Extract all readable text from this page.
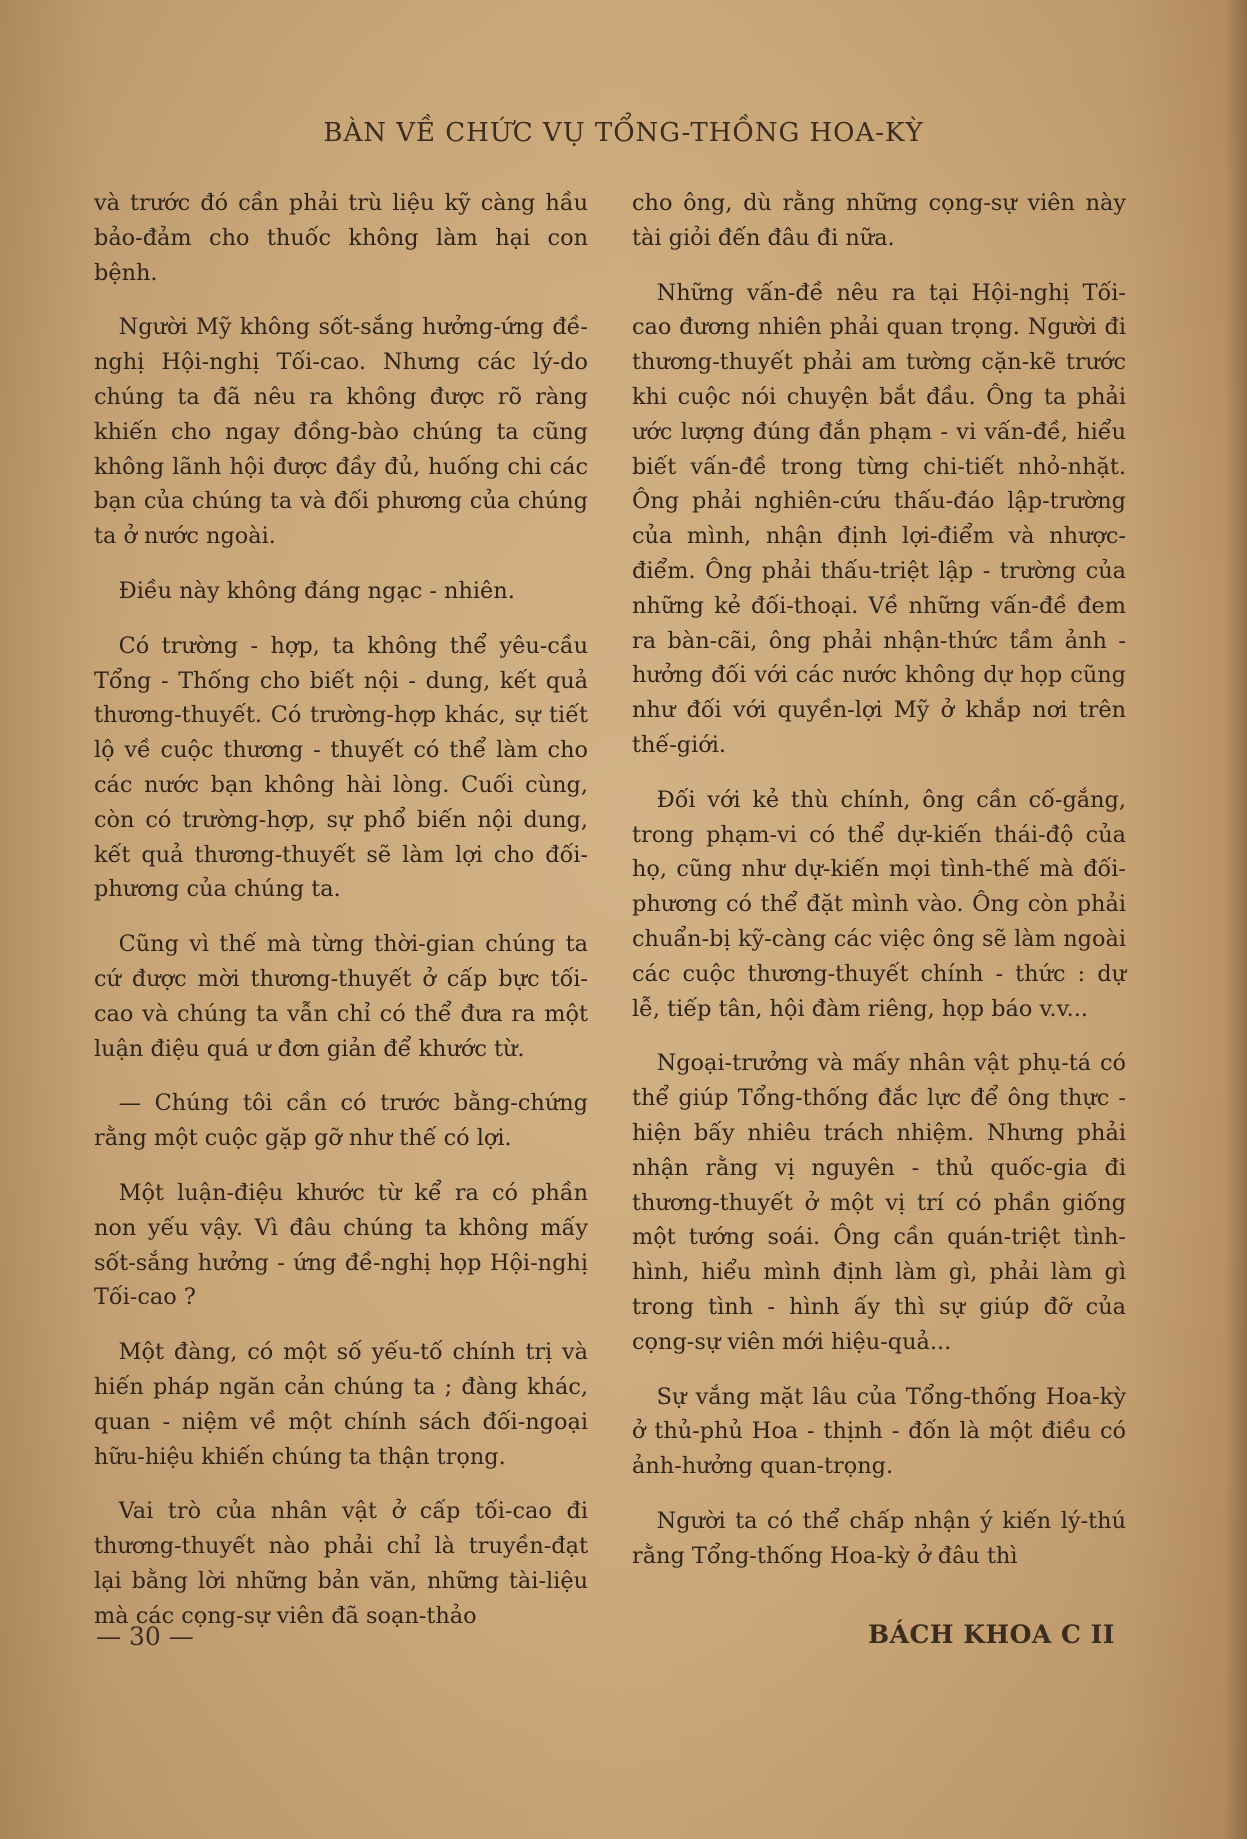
BÀN VỀ CHỨC VỤ TỔNG-THỒNG HOA-KỲ

và trước đó cần phải trù liệu kỹ càng hầu bảo-đảm cho thuốc không làm hại con bệnh.

Người Mỹ không sốt-sắng hưởng-ứng đề-nghị Hội-nghị Tối-cao. Nhưng các lý-do chúng ta đã nêu ra không được rõ ràng khiến cho ngay đồng-bào chúng ta cũng không lãnh hội được đầy đủ, huống chi các bạn của chúng ta và đối phương của chúng ta ở nước ngoài.

Điều này không đáng ngạc - nhiên.

Có trường - hợp, ta không thể yêu-cầu Tổng - Thống cho biết nội - dung, kết quả thương-thuyết. Có trường-hợp khác, sự tiết lộ về cuộc thương - thuyết có thể làm cho các nước bạn không hài lòng. Cuối cùng, còn có trường-hợp, sự phổ biến nội dung, kết quả thương-thuyết sẽ làm lợi cho đối-phương của chúng ta.

Cũng vì thế mà từng thời-gian chúng ta cứ được mời thương-thuyết ở cấp bực tối-cao và chúng ta vẫn chỉ có thể đưa ra một luận điệu quá ư đơn giản để khước từ.

— Chúng tôi cần có trước bằng-chứng rằng một cuộc gặp gỡ như thế có lợi.

Một luận-điệu khước từ kể ra có phần non yếu vậy. Vì đâu chúng ta không mấy sốt-sắng hưởng - ứng đề-nghị họp Hội-nghị Tối-cao ?

Một đàng, có một số yếu-tố chính trị và hiến pháp ngăn cản chúng ta ; đàng khác, quan - niệm về một chính sách đối-ngoại hữu-hiệu khiến chúng ta thận trọng.

Vai trò của nhân vật ở cấp tối-cao đi thương-thuyết nào phải chỉ là truyền-đạt lại bằng lời những bản văn, những tài-liệu mà các cọng-sự viên đã soạn-thảo

cho ông, dù rằng những cọng-sự viên này tài giỏi đến đâu đi nữa.

Những vấn-đề nêu ra tại Hội-nghị Tối-cao đương nhiên phải quan trọng. Người đi thương-thuyết phải am tường cặn-kẽ trước khi cuộc nói chuyện bắt đầu. Ông ta phải ước lượng đúng đắn phạm - vi vấn-đề, hiểu biết vấn-đề trong từng chi-tiết nhỏ-nhặt. Ông phải nghiên-cứu thấu-đáo lập-trường của mình, nhận định lợi-điểm và nhược-điểm. Ông phải thấu-triệt lập - trường của những kẻ đối-thoại. Về những vấn-đề đem ra bàn-cãi, ông phải nhận-thức tầm ảnh - hưởng đối với các nước không dự họp cũng như đối với quyền-lợi Mỹ ở khắp nơi trên thế-giới.

Đối với kẻ thù chính, ông cần cố-gắng, trong phạm-vi có thể dự-kiến thái-độ của họ, cũng như dự-kiến mọi tình-thế mà đối-phương có thể đặt mình vào. Ông còn phải chuẩn-bị kỹ-càng các việc ông sẽ làm ngoài các cuộc thương-thuyết chính - thức : dự lễ, tiếp tân, hội đàm riêng, họp báo v.v...

Ngoại-trưởng và mấy nhân vật phụ-tá có thể giúp Tổng-thống đắc lực để ông thực - hiện bấy nhiêu trách nhiệm. Nhưng phải nhận rằng vị nguyên - thủ quốc-gia đi thương-thuyết ở một vị trí có phần giống một tướng soái. Ông cần quán-triệt tình-hình, hiểu mình định làm gì, phải làm gì trong tình - hình ấy thì sự giúp đỡ của cọng-sự viên mới hiệu-quả...

Sự vắng mặt lâu của Tổng-thống Hoa-kỳ ở thủ-phủ Hoa - thịnh - đốn là một điều có ảnh-hưởng quan-trọng.

Người ta có thể chấp nhận ý kiến lý-thú rằng Tổng-thống Hoa-kỳ ở đâu thì

— 30 —	BÁCH KHOA C II
